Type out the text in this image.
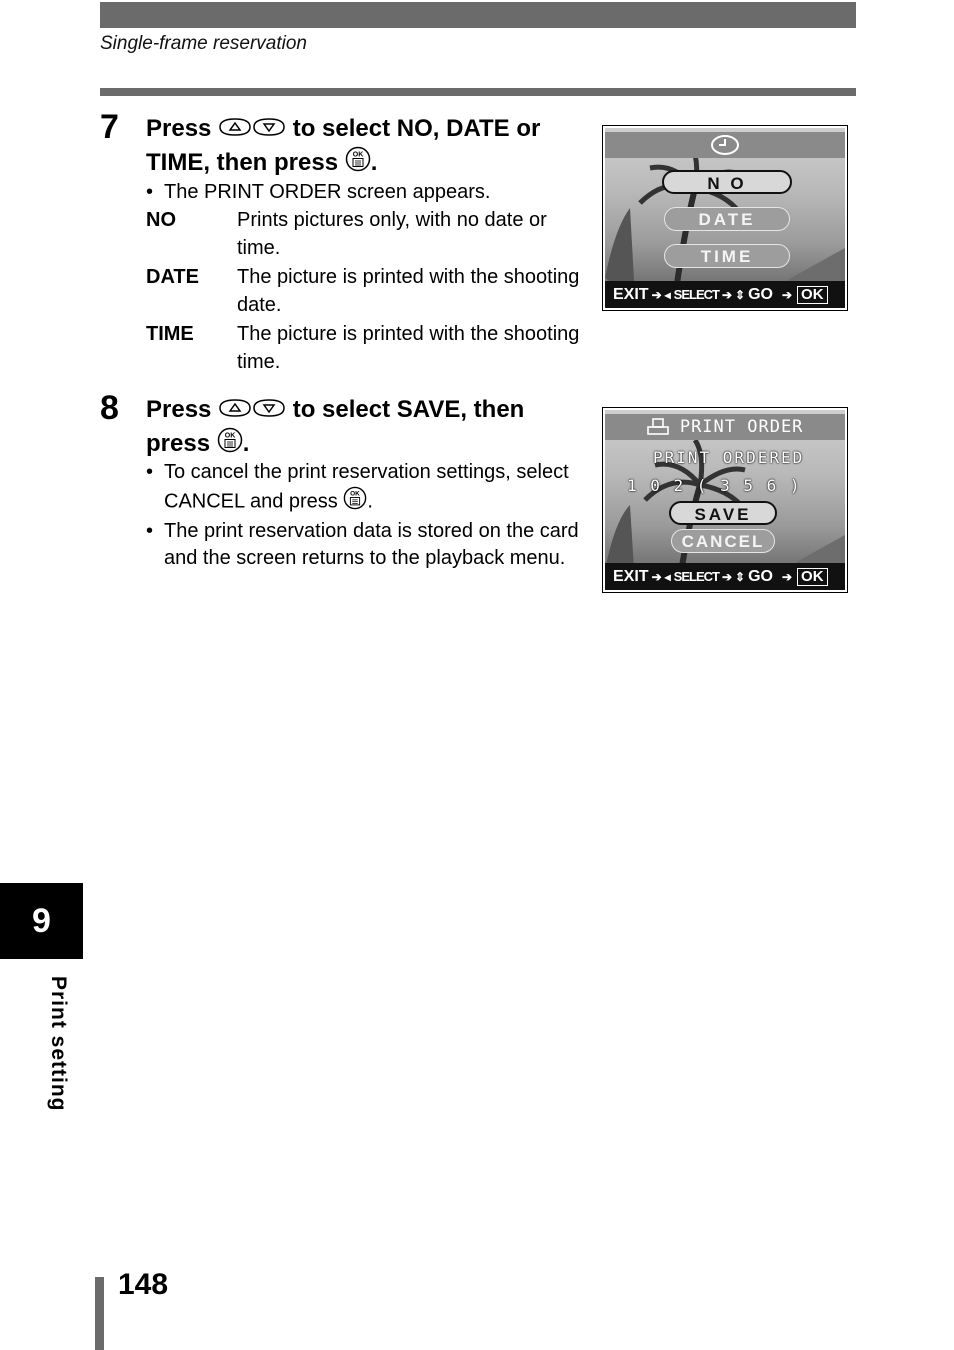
Single-frame reservation
7 Press	to select NO, DATE or TIME, then press OK .
• The PRINT ORDER screen appears.
NO	Prints pictures only, with no date or time.
DATE	The picture is printed with the shooting date.
TIME	The picture is printed with the shooting time.
N O
DATE
TIME
EXIT ➔ ◂ SELECT ➔ ⇕ GO ➔ OK
8 Press	to select SAVE, then press OK .
• To cancel the print reservation settings, select CANCEL and press OK .
• The print reservation data is stored on the card and the screen returns to the playback menu.
PRINT ORDER
PRINT ORDERED
1 0 2 ( 3 5 6 )
SAVE
CANCEL
EXIT ➔ ◂ SELECT ➔ ⇕ GO ➔ OK
9
Print setting
148
